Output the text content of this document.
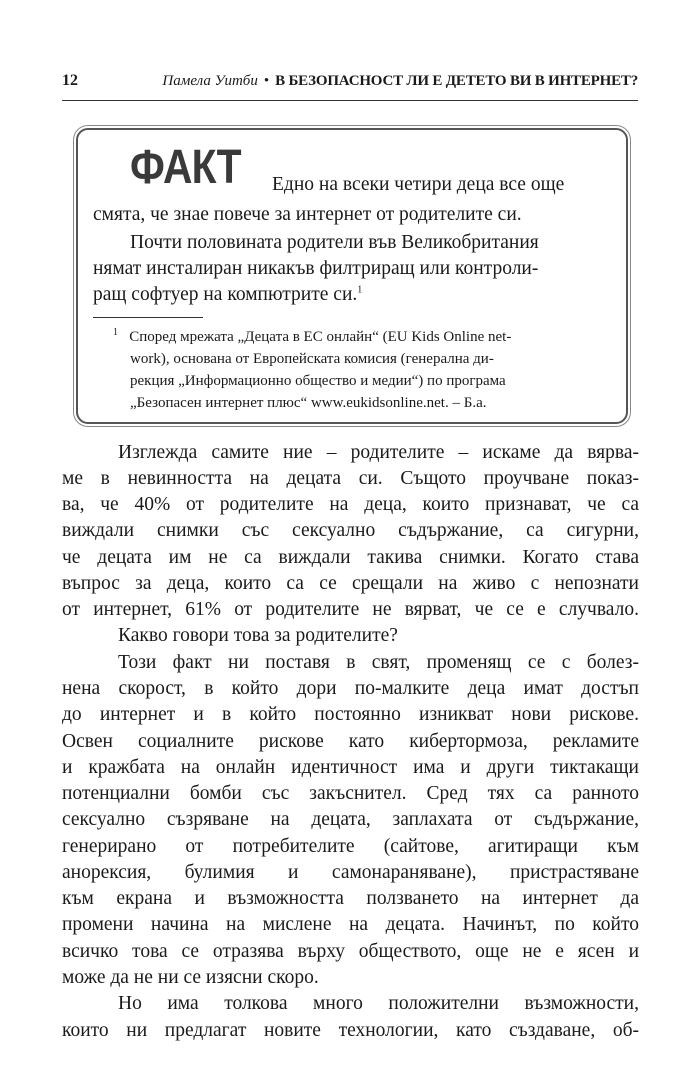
12	Памела Уитби • В БЕЗОПАСНОСТ ЛИ Е ДЕТЕТО ВИ В ИНТЕРНЕТ?
ФАКТ Едно на всеки четири деца все още
смята, че знае повече за интернет от родителите си.
Почти половината родители във Великобритания
нямат инсталиран никакъв филтриращ или контроли-
ращ софтуер на компютрите си.$^1$
$^1$ Според мрежата „Децата в ЕС онлайн“ (EU Kids Online net-
work), основана от Европейската комисия (генерална ди-
рекция „Информационно общество и медии“) по програма
„Безопасен интернет плюс“ www.eukidsonline.net. – Б.а.
Изглежда самите ние – родителите – искаме да вярва-
ме в невинността на децата си. Същото проучване показ-
ва, че 40% от родителите на деца, които признават, че са
виждали снимки със сексуално съдържание, са сигурни,
че децата им не са виждали такива снимки. Когато става
въпрос за деца, които са се срещали на живо с непознати
от интернет, 61% от родителите не вярват, че се е случвало.
Какво говори това за родителите?
Този факт ни поставя в свят, променящ се с болез-
нена скорост, в който дори по-малките деца имат достъп
до интернет и в който постоянно изникват нови рискове.
Освен социалните рискове като кибертормоза, рекламите
и кражбата на онлайн идентичност има и други тиктакащи
потенциални бомби със закъснител. Сред тях са ранното
сексуално съзряване на децата, заплахата от съдържание,
генерирано от потребителите (сайтове, агитиращи към
анорексия, булимия и самонараняване), пристрастяване
към екрана и възможността ползването на интернет да
промени начина на мислене на децата. Начинът, по който
всичко това се отразява върху обществото, още не е ясен и
може да не ни се изясни скоро.
Но има толкова много положителни възможности,
които ни предлагат новите технологии, като създаване, об-
